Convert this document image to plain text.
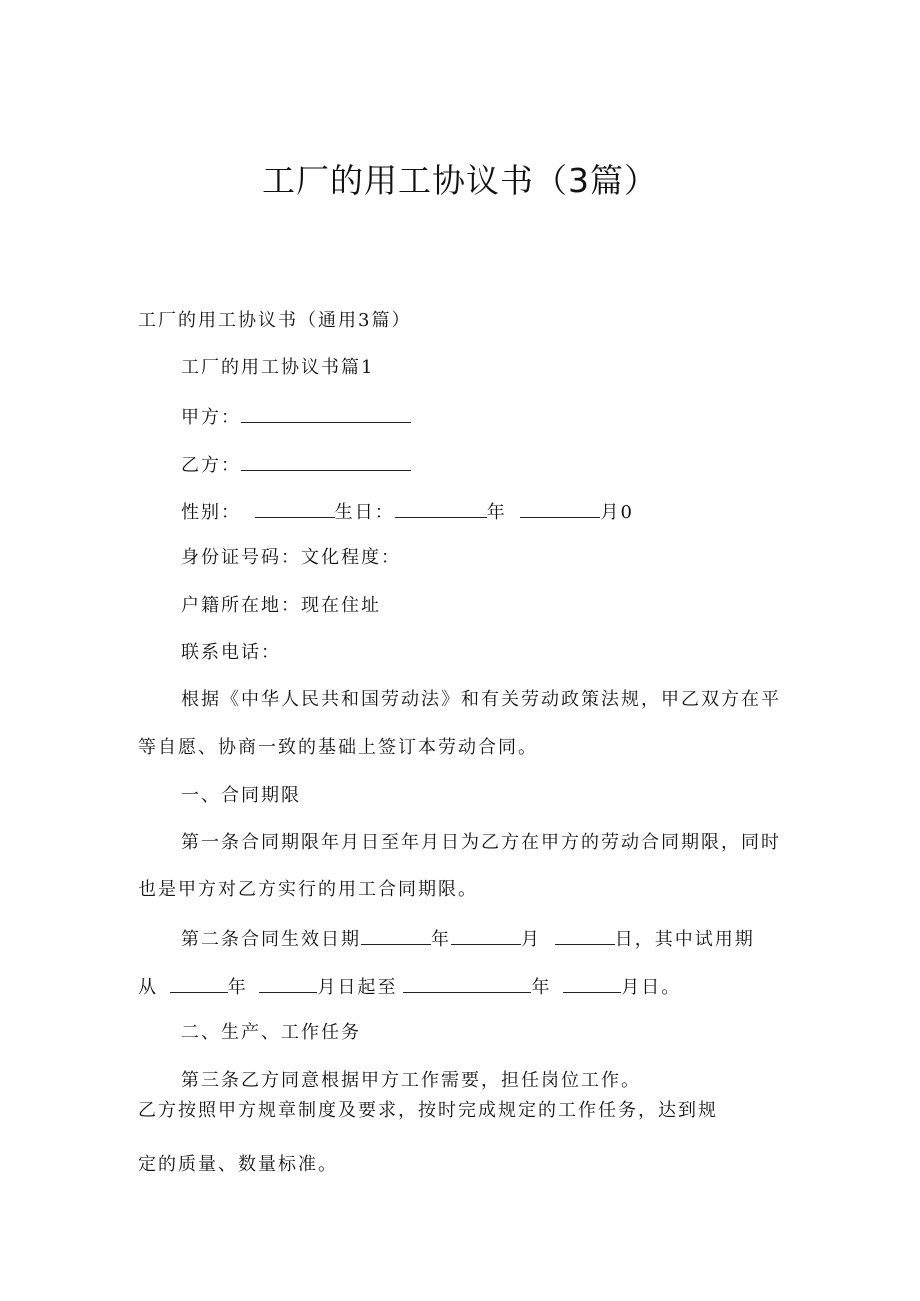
工厂的用工协议书（3篇）
工厂的用工协议书（通用3篇）
工厂的用工协议书篇1
甲方：
乙方：
性别：	生日：	年	月0
身份证号码：文化程度：
户籍所在地：现在住址
联系电话：
根据《中华人民共和国劳动法》和有关劳动政策法规，甲乙双方在平
等自愿、协商一致的基础上签订本劳动合同。
一、合同期限
第一条合同期限年月日至年月日为乙方在甲方的劳动合同期限，同时
也是甲方对乙方实行的用工合同期限。
第二条合同生效日期	年	月	日，其中试用期
从	年	月日起至	年	月日。
二、生产、工作任务
第三条乙方同意根据甲方工作需要，担任岗位工作。
乙方按照甲方规章制度及要求，按时完成规定的工作任务，达到规
定的质量、数量标准。
